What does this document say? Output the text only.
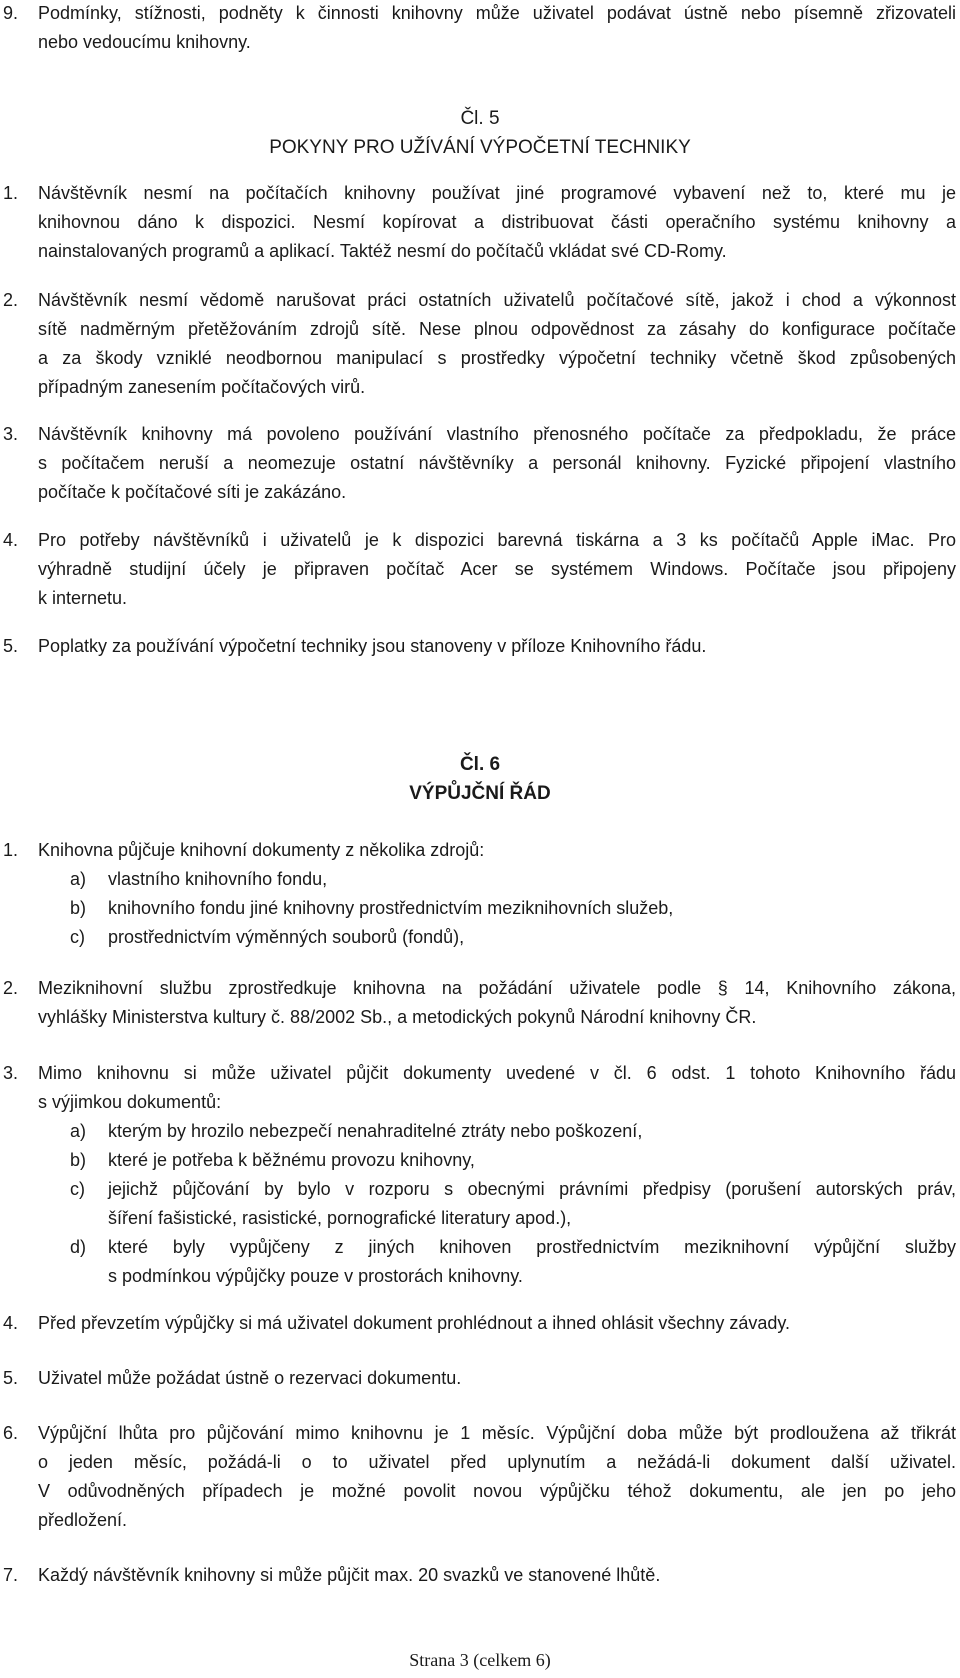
9. Podmínky, stížnosti, podněty k činnosti knihovny může uživatel podávat ústně nebo písemně zřizovateli
nebo vedoucímu knihovny.
Čl. 5
POKYNY PRO UŽÍVÁNÍ VÝPOČETNÍ TECHNIKY
1. Návštěvník nesmí na počítačích knihovny používat jiné programové vybavení než to, které mu je
knihovnou dáno k dispozici. Nesmí kopírovat a distribuovat části operačního systému knihovny a
nainstalovaných programů a aplikací. Taktéž nesmí do počítačů vkládat své CD-Romy.
2. Návštěvník nesmí vědomě narušovat práci ostatních uživatelů počítačové sítě, jakož i chod a výkonnost
sítě nadměrným přetěžováním zdrojů sítě. Nese plnou odpovědnost za zásahy do konfigurace počítače
a za škody vzniklé neodbornou manipulací s prostředky výpočetní techniky včetně škod způsobených
případným zanesením počítačových virů.
3. Návštěvník knihovny má povoleno používání vlastního přenosného počítače za předpokladu, že práce
s počítačem neruší a neomezuje ostatní návštěvníky a personál knihovny. Fyzické připojení vlastního
počítače k počítačové síti je zakázáno.
4. Pro potřeby návštěvníků i uživatelů je k dispozici barevná tiskárna a 3 ks počítačů Apple iMac. Pro
výhradně studijní účely je připraven počítač Acer se systémem Windows. Počítače jsou připojeny
k internetu.
5. Poplatky za používání výpočetní techniky jsou stanoveny v příloze Knihovního řádu.
Čl. 6
VÝPŮJČNÍ ŘÁD
1. Knihovna půjčuje knihovní dokumenty z několika zdrojů:
a) vlastního knihovního fondu,
b) knihovního fondu jiné knihovny prostřednictvím meziknihovních služeb,
c) prostřednictvím výměnných souborů (fondů),
2. Meziknihovní službu zprostředkuje knihovna na požádání uživatele podle § 14, Knihovního zákona,
vyhlášky Ministerstva kultury č. 88/2002 Sb., a metodických pokynů Národní knihovny ČR.
3. Mimo knihovnu si může uživatel půjčit dokumenty uvedené v čl. 6 odst. 1 tohoto Knihovního řádu
s výjimkou dokumentů:
a) kterým by hrozilo nebezpečí nenahraditelné ztráty nebo poškození,
b) které je potřeba k běžnému provozu knihovny,
c) jejichž půjčování by bylo v rozporu s obecnými právními předpisy (porušení autorských práv,
šíření fašistické, rasistické, pornografické literatury apod.),
d) které byly vypůjčeny z jiných knihoven prostřednictvím meziknihovní výpůjční služby
s podmínkou výpůjčky pouze v prostorách knihovny.
4. Před převzetím výpůjčky si má uživatel dokument prohlédnout a ihned ohlásit všechny závady.
5. Uživatel může požádat ústně o rezervaci dokumentu.
6. Výpůjční lhůta pro půjčování mimo knihovnu je 1 měsíc. Výpůjční doba může být prodloužena až třikrát
o jeden měsíc, požádá-li o to uživatel před uplynutím a nežádá-li dokument další uživatel.
V odůvodněných případech je možné povolit novou výpůjčku téhož dokumentu, ale jen po jeho
předložení.
7. Každý návštěvník knihovny si může půjčit max. 20 svazků ve stanovené lhůtě.
Strana 3 (celkem 6)
